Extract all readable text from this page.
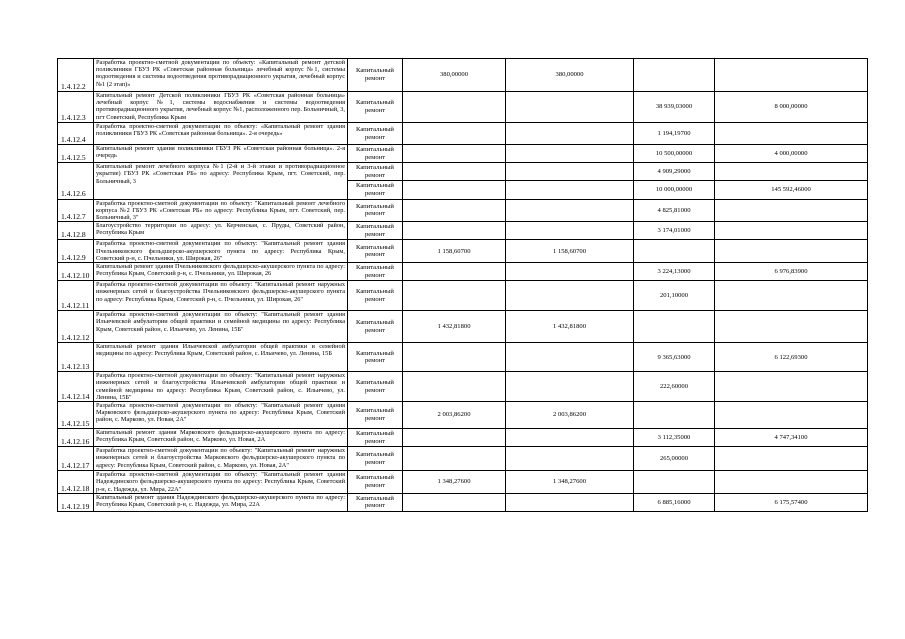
1.4.12.2	Разработка проектно-сметной документации по объекту: «Капитальный ремонт детской поликлиники ГБУЗ РК «Советская районная больница» лечебный корпус №1, системы водоотведения и системы водоотведения противорадиационного укрытия, лечебный корпус №1 (2 этап)»	Капитальный ремонт	380,00000	380,00000		
1.4.12.3	Капитальный ремонт Детской поликлиники ГБУЗ РК «Советская районная больница» лечебный корпус №1, системы водоснабжения и системы водоотведения противорадиационного укрытия, лечебный корпус №1, расположенного пер. Больничный, 3, пгт Советский, Республика Крым	Капитальный ремонт			38 939,03000	8 000,00000
1.4.12.4	Разработка проектно-сметной документации по объекту: «Капитальный ремонт здания поликлиники ГБУЗ РК «Советская районная больница». 2-я очередь»	Капитальный ремонт			1 194,19700	
1.4.12.5	Капитальный ремонт здания поликлиники ГБУЗ РК «Советская районная больница». 2-я очередь	Капитальный ремонт			10 500,00000	4 000,00000
1.4.12.6	Капитальный ремонт лечебного корпуса №1 (2-й и 3-й этажи и противорадиационное укрытие) ГБУЗ РК «Советская РБ» по адресу: Республика Крым, пгт. Советский, пер. Больничный, 3	Капитальный ремонт			4 909,29000	
		Капитальный ремонт			10 000,00000	145 592,46000
1.4.12.7	Разработка проектно-сметной документации по объекту: "Капитальный ремонт лечебного корпуса №2 ГБУЗ РК «Советская РБ» по адресу: Республика Крым, пгт. Советский, пер. Больничный, 3"	Капитальный ремонт			4 825,81000	
1.4.12.8	Благоустройство территории по адресу: ул. Керченская, с. Пруды, Советский район, Республика Крым	Капитальный ремонт			3 174,01000	
1.4.12.9	Разработка проектно-сметной документации по объекту: "Капитальный ремонт здания Пчельниковского фельдшерско-акушерского пункта по адресу: Республика Крым, Советский р-н, с. Пчельники, ул. Широкая, 26"	Капитальный ремонт	1 158,60700	1 158,60700		
1.4.12.10	Капитальный ремонт здания Пчельниковского фельдшерско-акушерского пункта по адресу: Республика Крым, Советский р-н, с. Пчельники, ул. Широкая, 26	Капитальный ремонт			3 224,13000	6 976,83900
1.4.12.11	Разработка проектно-сметной документации по объекту: "Капитальный ремонт наружных инженерных сетей и благоустройства Пчельниковского фельдшерско-акушерского пункта по адресу: Республика Крым, Советский р-н, с. Пчельники, ул. Широкая, 26"	Капитальный ремонт			201,10000	
1.4.12.12	Разработка проектно-сметной документации по объекту: "Капитальный ремонт здания Ильичевской амбулатории общей практики и семейной медицины по адресу: Республика Крым, Советский район, с. Ильичево, ул. Ленина, 15Б"	Капитальный ремонт	1 432,81800	1 432,81800		
1.4.12.13	Капитальный ремонт здания Ильичевской амбулатории общей практики и семейной медицины по адресу: Республика Крым, Советский район, с. Ильичево, ул. Ленина, 15Б	Капитальный ремонт			9 365,63000	6 122,69300
1.4.12.14	Разработка проектно-сметной документации по объекту: "Капитальный ремонт наружных инженерных сетей и благоустройства Ильичевской амбулатории общей практики и семейной медицины по адресу: Республика Крым, Советский район, с. Ильичево, ул. Ленина, 15Б"	Капитальный ремонт			222,60000	
1.4.12.15	Разработка проектно-сметной документации по объекту: "Капитальный ремонт здания Марковского фельдшерско-акушерского пункта по адресу: Республика Крым, Советский район, с. Марково, ул. Новая, 2А"	Капитальный ремонт	2 003,86200	2 003,86200		
1.4.12.16	Капитальный ремонт здания Марковского фельдшерско-акушерского пункта по адресу: Республика Крым, Советский район, с. Марково, ул. Новая, 2А	Капитальный ремонт			3 112,35000	4 747,34100
1.4.12.17	Разработка проектно-сметной документации по объекту: "Капитальный ремонт наружных инженерных сетей и благоустройства Марковского фельдшерско-акушерского пункта по адресу: Республика Крым, Советский район, с. Марково, ул. Новая, 2А"	Капитальный ремонт			265,00000	
1.4.12.18	Разработка проектно-сметной документации по объекту: "Капитальный ремонт здания Надеждинского фельдшерско-акушерского пункта по адресу: Республика Крым, Советский р-н, с. Надежда, ул. Мира, 22А"	Капитальный ремонт	1 348,27600	1 348,27600		
1.4.12.19	Капитальный ремонт здания Надеждинского фельдшерско-акушерского пункта по адресу: Республика Крым, Советский р-н, с. Надежда, ул. Мира, 22А	Капитальный ремонт			6 885,16000	6 175,57400
